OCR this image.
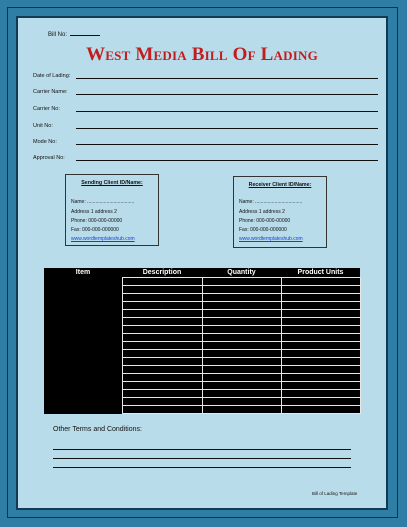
Bill No:
West Media Bill Of Lading
Date of Lading:
Carrier Name:
Carrier No:
Unit No:
Mode No:
Approval No:
Sending Client ID/Name:
Name: ..................................
Address 1 address 2
Phone: 000-000-00000
Fax: 000-000-000000
www.wordtemplateshub.com
Receiver Client ID/Name:
Name: ..................................
Address 1 address 2
Phone: 000-000-00000
Fax: 000-000-000000
www.wordtemplateshub.com
Item	Description	Quantity	Product Units

Other Terms and Conditions:
Bill of Lading Template
